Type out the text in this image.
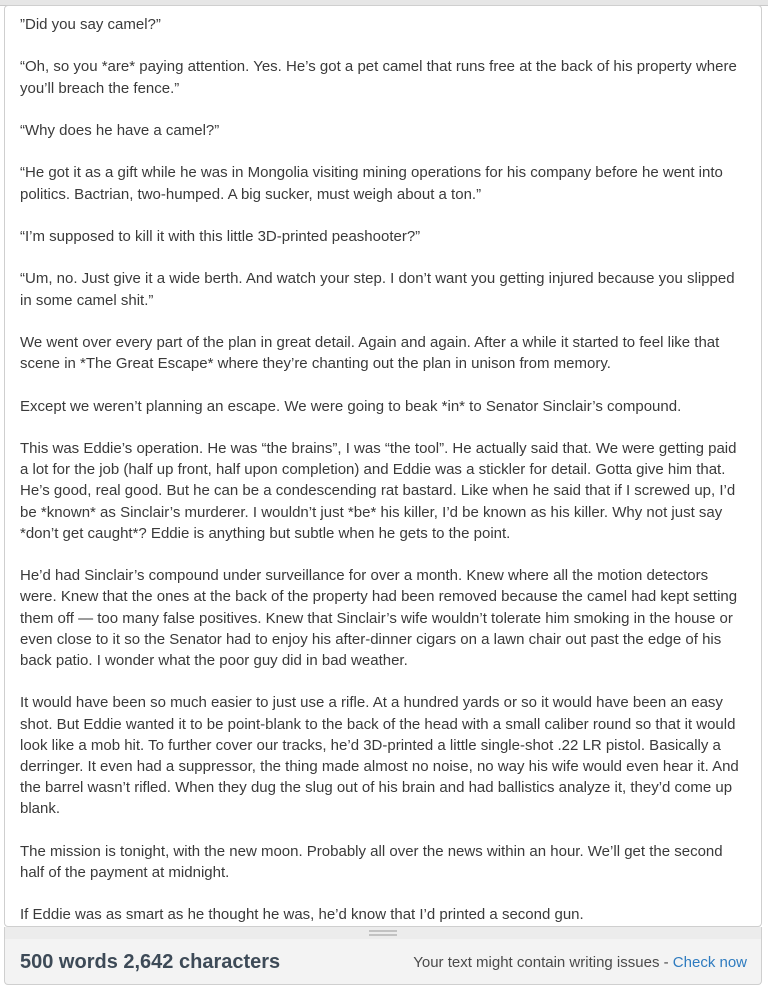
”Did you say camel?”

“Oh, so you *are* paying attention. Yes. He’s got a pet camel that runs free at the back of his property where you’ll breach the fence.”

“Why does he have a camel?”

“He got it as a gift while he was in Mongolia visiting mining operations for his company before he went into politics. Bactrian, two-humped. A big sucker, must weigh about a ton.”

“I’m supposed to kill it with this little 3D-printed peashooter?”

“Um, no. Just give it a wide berth. And watch your step. I don’t want you getting injured because you slipped in some camel shit.”

We went over every part of the plan in great detail. Again and again. After a while it started to feel like that scene in *The Great Escape* where they’re chanting out the plan in unison from memory.

Except we weren’t planning an escape. We were going to beak *in* to Senator Sinclair’s compound.

This was Eddie’s operation. He was “the brains”, I was “the tool”. He actually said that. We were getting paid a lot for the job (half up front, half upon completion) and Eddie was a stickler for detail. Gotta give him that. He’s good, real good. But he can be a condescending rat bastard. Like when he said that if I screwed up, I’d be *known* as Sinclair’s murderer. I wouldn’t just *be* his killer, I’d be known as his killer. Why not just say *don’t get caught*? Eddie is anything but subtle when he gets to the point.

He’d had Sinclair’s compound under surveillance for over a month. Knew where all the motion detectors were. Knew that the ones at the back of the property had been removed because the camel had kept setting them off — too many false positives. Knew that Sinclair’s wife wouldn’t tolerate him smoking in the house or even close to it so the Senator had to enjoy his after-dinner cigars on a lawn chair out past the edge of his back patio. I wonder what the poor guy did in bad weather.

It would have been so much easier to just use a rifle. At a hundred yards or so it would have been an easy shot. But Eddie wanted it to be point-blank to the back of the head with a small caliber round so that it would look like a mob hit. To further cover our tracks, he’d 3D-printed a little single-shot .22 LR pistol. Basically a derringer. It even had a suppressor, the thing made almost no noise, no way his wife would even hear it. And the barrel wasn’t rifled. When they dug the slug out of his brain and had ballistics analyze it, they’d come up blank.

The mission is tonight, with the new moon. Probably all over the news within an hour. We’ll get the second half of the payment at midnight.

If Eddie was as smart as he thought he was, he’d know that I’d printed a second gun.

500 words 2,642 characters	Your text might contain writing issues - Check now
